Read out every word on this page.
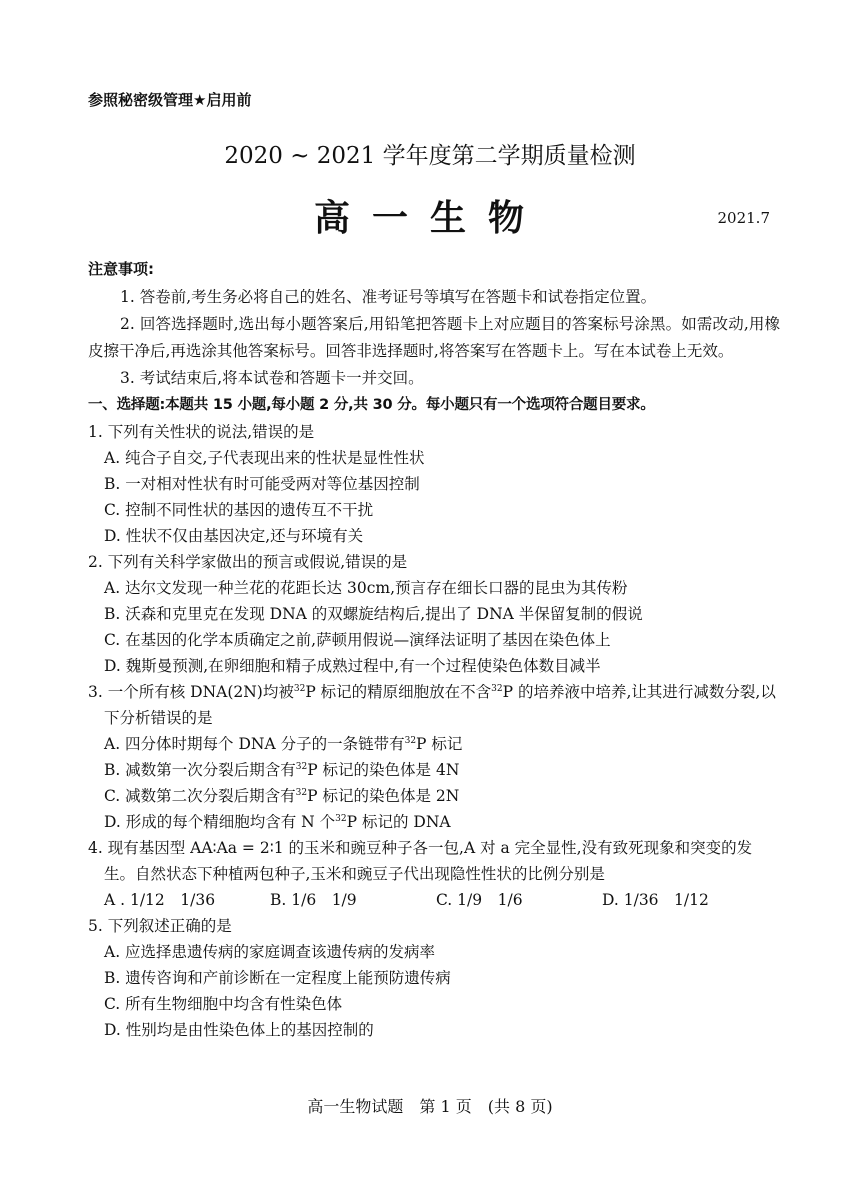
参照秘密级管理★启用前
2020 ~ 2021 学年度第二学期质量检测
高一生物	2021.7
注意事项:
1. 答卷前,考生务必将自己的姓名、准考证号等填写在答题卡和试卷指定位置。
2. 回答选择题时,选出每小题答案后,用铅笔把答题卡上对应题目的答案标号涂黑。如需改动,用橡皮擦干净后,再选涂其他答案标号。回答非选择题时,将答案写在答题卡上。写在本试卷上无效。
3. 考试结束后,将本试卷和答题卡一并交回。
一、选择题:本题共 15 小题,每小题 2 分,共 30 分。每小题只有一个选项符合题目要求。
1. 下列有关性状的说法,错误的是
A. 纯合子自交,子代表现出来的性状是显性性状
B. 一对相对性状有时可能受两对等位基因控制
C. 控制不同性状的基因的遗传互不干扰
D. 性状不仅由基因决定,还与环境有关
2. 下列有关科学家做出的预言或假说,错误的是
A. 达尔文发现一种兰花的花距长达 30cm,预言存在细长口器的昆虫为其传粉
B. 沃森和克里克在发现 DNA 的双螺旋结构后,提出了 DNA 半保留复制的假说
C. 在基因的化学本质确定之前,萨顿用假说—演绎法证明了基因在染色体上
D. 魏斯曼预测,在卵细胞和精子成熟过程中,有一个过程使染色体数目减半
3. 一个所有核 DNA(2N)均被$^{32}$P 标记的精原细胞放在不含$^{32}$P 的培养液中培养,让其进行减数分裂,以下分析错误的是
A. 四分体时期每个 DNA 分子的一条链带有$^{32}$P 标记
B. 减数第一次分裂后期含有$^{32}$P 标记的染色体是 4N
C. 减数第二次分裂后期含有$^{32}$P 标记的染色体是 2N
D. 形成的每个精细胞均含有 N 个$^{32}$P 标记的 DNA
4. 现有基因型 AA∶Aa = 2∶1 的玉米和豌豆种子各一包,A 对 a 完全显性,没有致死现象和突变的发生。自然状态下种植两包种子,玉米和豌豆子代出现隐性性状的比例分别是
A . 1/12　1/36	B. 1/6　1/9	C. 1/9　1/6	D. 1/36　1/12
5. 下列叙述正确的是
A. 应选择患遗传病的家庭调查该遗传病的发病率
B. 遗传咨询和产前诊断在一定程度上能预防遗传病
C. 所有生物细胞中均含有性染色体
D. 性别均是由性染色体上的基因控制的
高一生物试题　第 1 页　(共 8 页)
